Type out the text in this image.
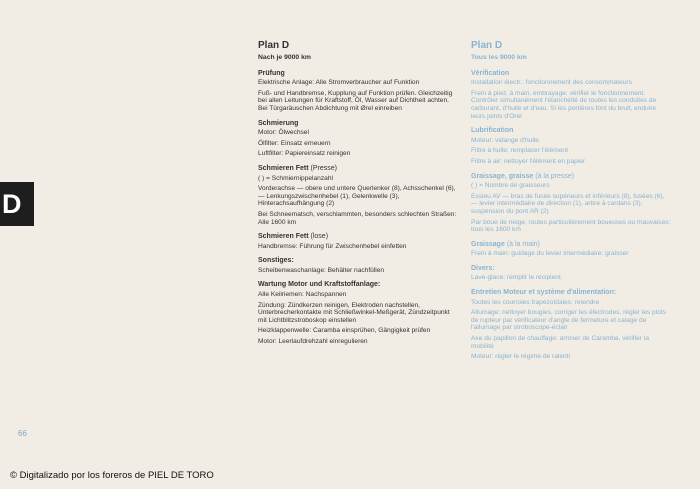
D
66
© Digitalizado por los foreros de PIEL DE TORO
Plan D
Nach je 9000 km
Prüfung

Elektrische Anlage: Alle Stromverbraucher auf Funktion

Fuß- und Handbremse, Kupplung auf Funktion prüfen. Gleichzeitig bei allen Leitungen für Kraftstoff, Öl, Wasser auf Dichtheit achten. Bei Türgaräuschen Abdichtung mit Ørel einreiben

Schmierung

Motor: Ölwechsel

Ölfilter: Einsatz erneuern

Luftfilter: Papiereinsatz reinigen

Schmieren Fett (Presse)

( ) = Schmiernippelanzahl

Vorderachse — obere und untere Querlenker (8), Achsschenkel (6), — Lenkungszwischenhebel (1), Gelenkwelle (3), Hinterachsaufhängung (2)

Bei Schneematsch, verschlammten, besonders schlechten Straßen: Alle 1600 km

Schmieren Fett (lose)

Handbremse: Führung für Zwischenhebel einfetten

Sonstiges:

Scheibenwaschanlage: Behälter nachfüllen

Wartung Motor und Kraftstoffanlage:

Alle Keilriemen: Nachspannen

Zündung: Zündkerzen reinigen, Elektroden nachstellen, Unterbrecherkontakte mit Schließwinkel-Meßgerät, Zündzeitpunkt mit Lichtblitzstroboskop einstellen

Heizklappenwelle: Caramba einsprühen, Gängigkeit prüfen

Motor: Leerlaufdrehzahl einregulieren

Plan D
Tous les 9000 km
Vérification

Installation électr.: fonctionnement des consommateurs

Frein à pied, à main, embrayage: vérifier le fonctionnement. Contrôler simultanément l'étanchéité de toutes les conduites de carburant, d'huile et d'eau. Si les portières font du bruit, enduire leurs joints d'Orel

Lubrification

Moteur: vidange d'huile

Filtre à huile: remplacer l'élément

Filtre à air: nettoyer l'élément en papier

Graissage, graisse (à la presse)

( ) = Nombre de graisseurs

Essieu AV — bras de fusée supérieurs et inférieurs (8), fusées (6), — levier intermédiaire de direction (1), arbre à cardans (3), suspension du pont AR (2)

Par boue de neige, routes particulièrement boueuses ou mauvaises: tous les 1600 km

Graissage (à la main)

Frein à main: guidage du levier intermédiaire: graisser

Divers:

Lave-glace: remplir le récipient

Entretien Moteur et système d'alimentation:

Toutes les courroies trapézoïdales: retendre

Allumage: nettoyer bougies, corriger les électrodes, régler les plots de rupteur par vérificateur d'angle de fermeture et calage de l'allumage par stroboscope-éclair

Axe du papillon de chauffage: arroser de Caramba, vérifier la mobilité

Moteur: régler le régime de ralenti
